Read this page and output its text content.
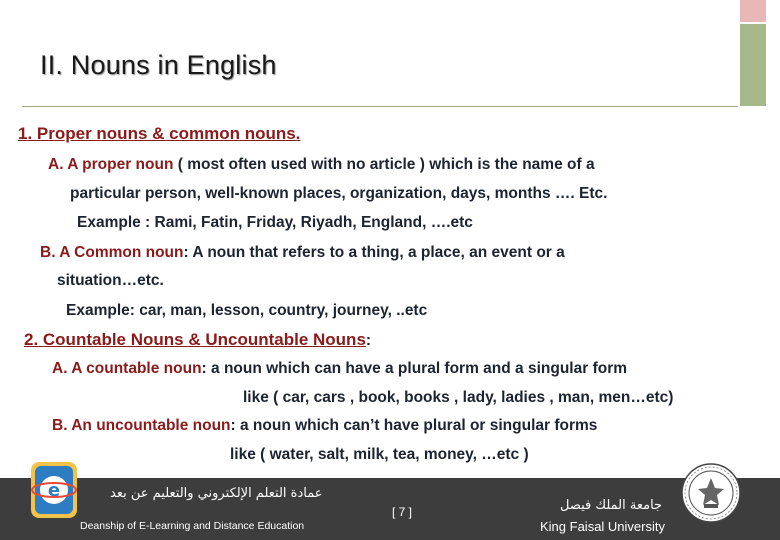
II. Nouns in English
1. Proper nouns & common nouns.
A. A proper noun ( most often used with no article ) which is the name of a
particular person, well-known places, organization, days, months …. Etc.
Example : Rami, Fatin, Friday, Riyadh, England, ….etc
B. A Common noun: A noun that refers to a thing, a place, an event or a
situation…etc.
Example: car, man, lesson, country, journey, ..etc
2. Countable Nouns & Uncountable Nouns:
A. A countable noun: a noun which can have a plural form and a singular form
like ( car, cars , book, books , lady, ladies , man, men…etc)
B. An uncountable noun: a noun which can’t have plural or singular forms
like ( water, salt, milk, tea, money, …etc )
e	عمادة التعلم الإلكتروني والتعليم عن بعد
Deanship of E-Learning and Distance Education
[ 7 ]	جامعة الملك فيصل
King Faisal University
